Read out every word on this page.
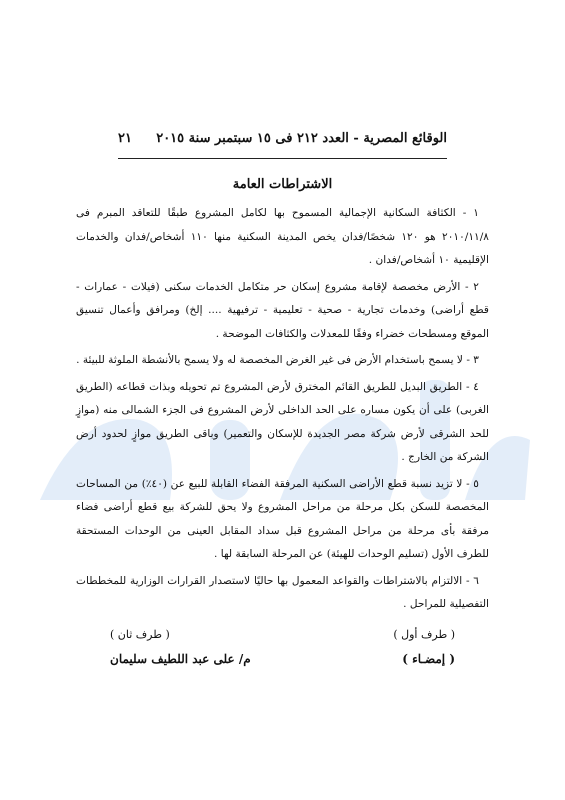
الوقائع المصرية - العدد ٢١٢ فى ١٥ سبتمبر سنة ٢٠١٥
٢١
الاشتراطات العامة

١ - الكثافة السكانية الإجمالية المسموح بها لكامل المشروع طبقًا للتعاقد المبرم فى ٢٠١٠/١١/٨ هو ١٢٠ شخصًا/فدان يخص المدينة السكنية منها ١١٠ أشخاص/فدان والخدمات الإقليمية ١٠ أشخاص/فدان .

٢ - الأرض مخصصة لإقامة مشروع إسكان حر متكامل الخدمات سكنى (فيلات - عمارات - قطع أراضى) وخدمات تجارية - صحية - تعليمية - ترفيهية .... إلخ) ومرافق وأعمال تنسيق الموقع ومسطحات خضراء وفقًا للمعدلات والكثافات الموضحة .

٣ - لا يسمح باستخدام الأرض فى غير الغرض المخصصة له ولا يسمح بالأنشطة الملوثة للبيئة .

٤ - الطريق البديل للطريق القائم المخترق لأرض المشروع تم تحويله وبذات قطاعه (الطريق الغربى) على أن يكون مساره على الحد الداخلى لأرض المشروع فى الجزء الشمالى منه (موازٍ للحد الشرقى لأرض شركة مصر الجديدة للإسكان والتعمير) وباقى الطريق موازٍ لحدود أرض الشركة من الخارج .

٥ - لا تزيد نسبة قطع الأراضى السكنية المرفقة الفضاء القابلة للبيع عن (٤٠٪) من المساحات المخصصة للسكن بكل مرحلة من مراحل المشروع ولا يحق للشركة بيع قطع أراضى فضاء مرفقة بأى مرحلة من مراحل المشروع قبل سداد المقابل العينى من الوحدات المستحقة للطرف الأول (تسليم الوحدات للهيئة) عن المرحلة السابقة لها .

٦ - الالتزام بالاشتراطات والقواعد المعمول بها حاليًا لاستصدار القرارات الوزارية للمخططات التفصيلية للمراحل .

( طرف أول )
( طرف ثان )
( إمضـاء )
م/ على عبد اللطيف سليمان
